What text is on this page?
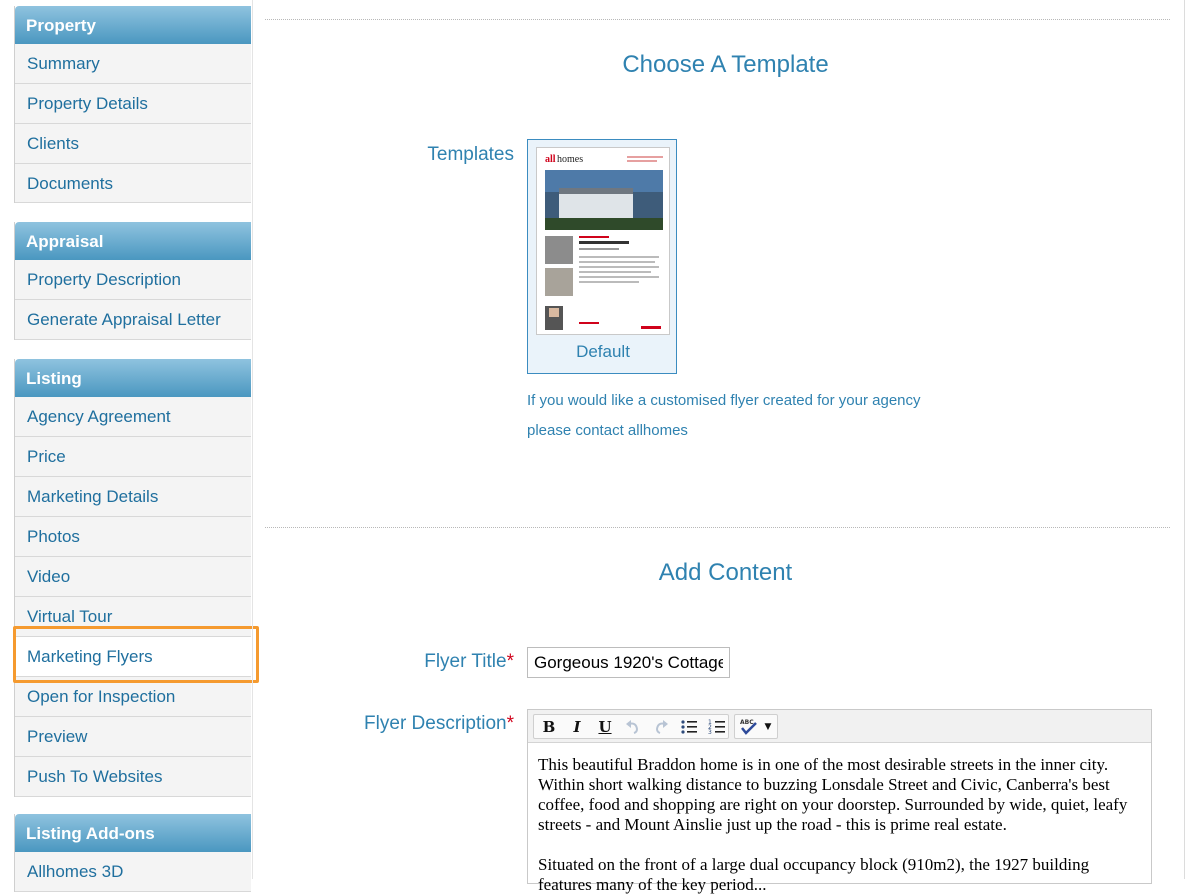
Property
Summary
Property Details
Clients
Documents
Appraisal
Property Description
Generate Appraisal Letter
Listing
Agency Agreement
Price
Marketing Details
Photos
Video
Virtual Tour
Marketing Flyers
Open for Inspection
Preview
Push To Websites
Listing Add-ons
Allhomes 3D
Choose A Template
Templates	all homes
Default
If you would like a customised flyer created for your agency
please contact allhomes
Add Content
Flyer Title*
Gorgeous 1920's Cottage
Flyer Description*	B	I	U	1
2
3
ABC	▼

This beautiful Braddon home is in one of the most desirable streets in the inner city. Within short walking distance to buzzing Lonsdale Street and Civic, Canberra's best coffee, food and shopping are right on your doorstep. Surrounded by wide, quiet, leafy streets - and Mount Ainslie just up the road - this is prime real estate.

Situated on the front of a large dual occupancy block (910m2), the 1927 building features many of the key period...
